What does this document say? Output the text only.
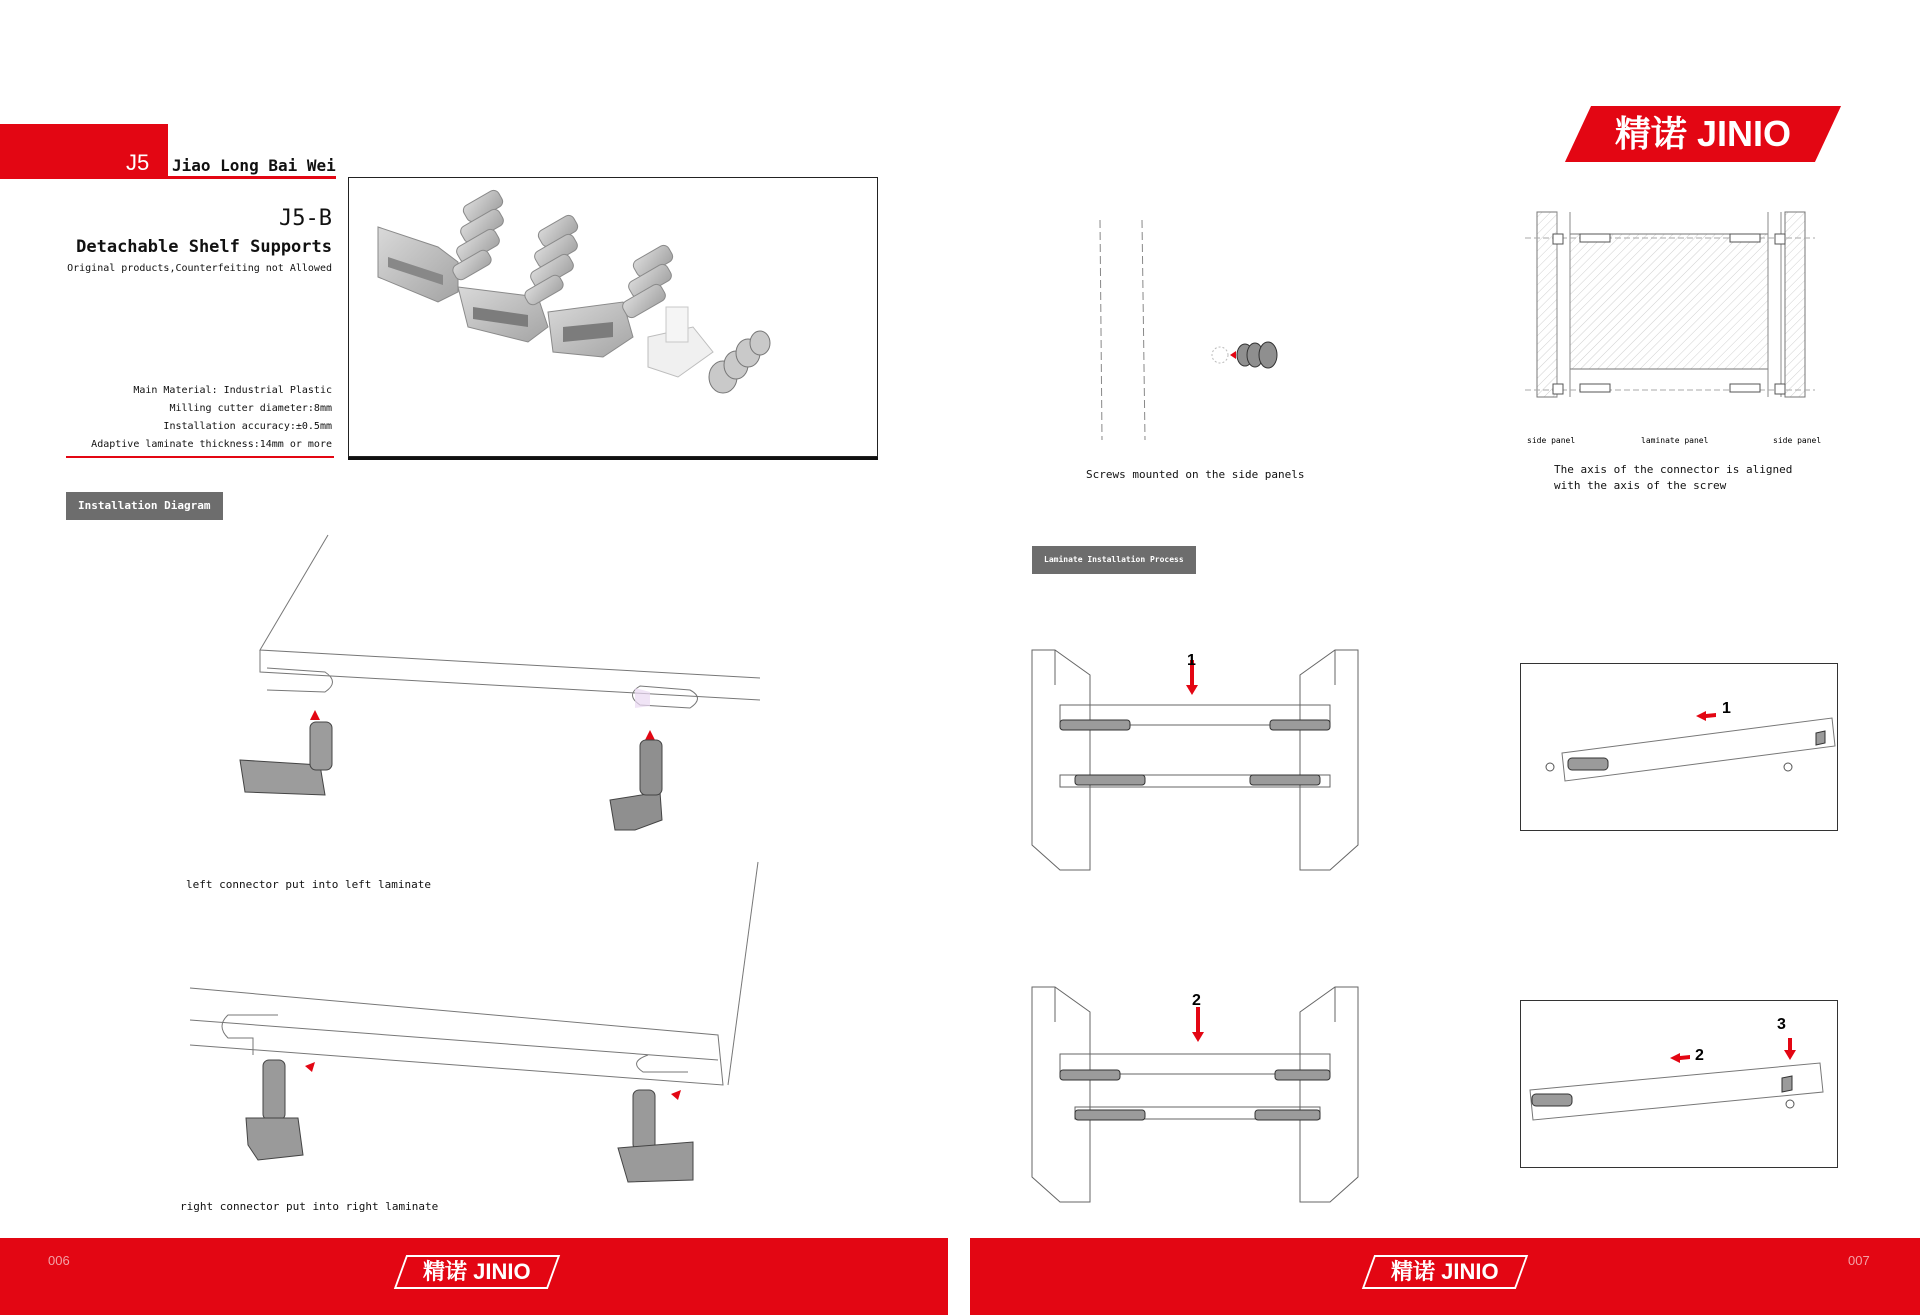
J5 Jiao Long Bai Wei
J5-B
Detachable Shelf Supports
Original products,Counterfeiting not Allowed
Main Material: Industrial Plastic
Milling cutter diameter:8mm
Installation accuracy:±0.5mm
Adaptive laminate thickness:14mm or more
Installation Diagram
left connector put into left laminate
right connector put into right laminate
006	精诺 JINIO
精诺 JINIO
Screws mounted on the side panels
side panel	laminate panel	side panel
The axis of the connector is aligned
with the axis of the screw
Laminate Installation Process
1
1
2
2
3
007
精诺 JINIO
